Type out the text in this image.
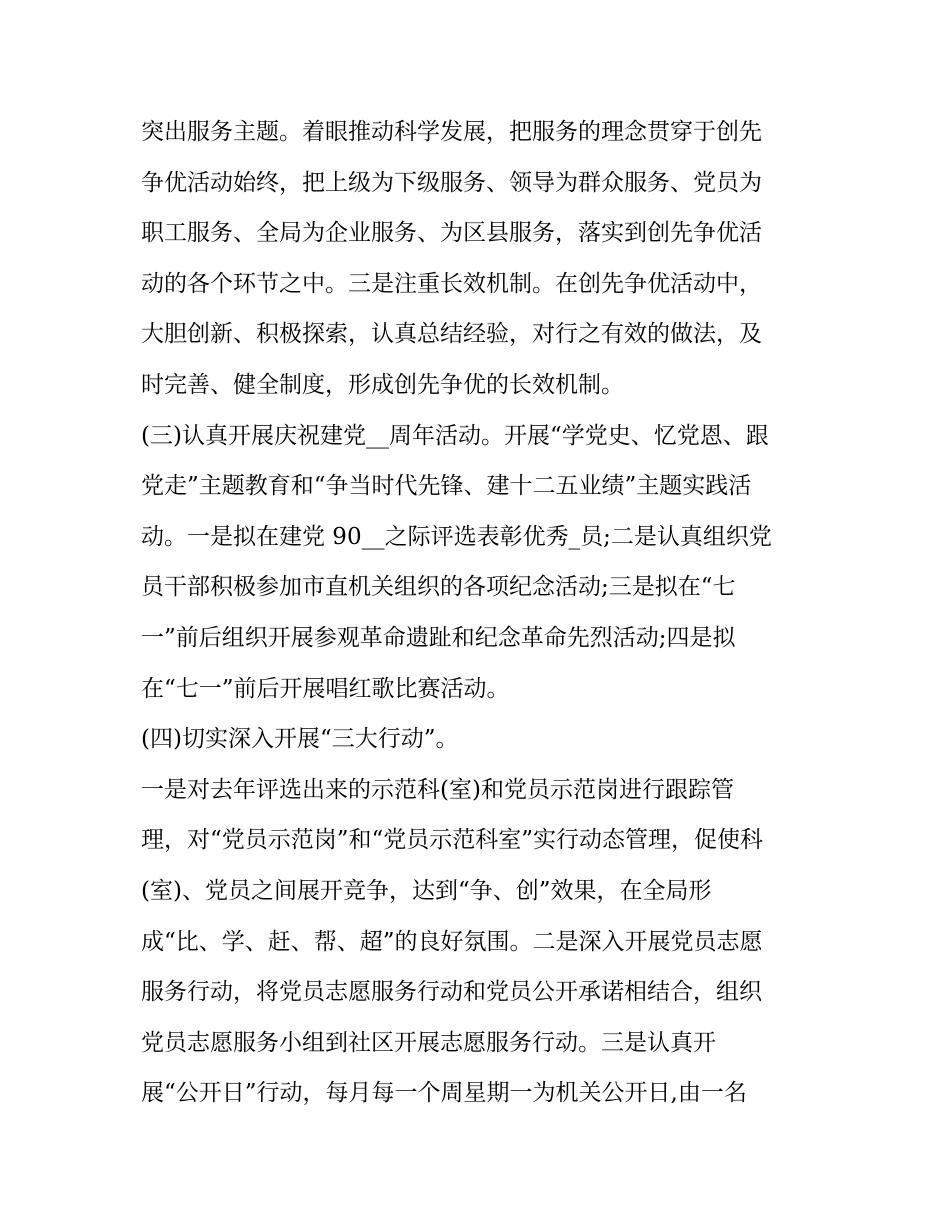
突出服务主题。着眼推动科学发展，把服务的理念贯穿于创先
争优活动始终，把上级为下级服务、领导为群众服务、党员为
职工服务、全局为企业服务、为区县服务，落实到创先争优活
动的各个环节之中。三是注重长效机制。在创先争优活动中，
大胆创新、积极探索，认真总结经验，对行之有效的做法，及
时完善、健全制度，形成创先争优的长效机制。
(三)认真开展庆祝建党__周年活动。开展“学党史、忆党恩、跟
党走”主题教育和“争当时代先锋、建十二五业绩”主题实践活
动。一是拟在建党 90__之际评选表彰优秀_员;二是认真组织党
员干部积极参加市直机关组织的各项纪念活动;三是拟在“七
一”前后组织开展参观革命遗趾和纪念革命先烈活动;四是拟
在“七一”前后开展唱红歌比赛活动。
(四)切实深入开展“三大行动”。
一是对去年评选出来的示范科(室)和党员示范岗进行跟踪管
理，对“党员示范岗”和“党员示范科室”实行动态管理，促使科
(室)、党员之间展开竞争，达到“争、创”效果，在全局形
成“比、学、赶、帮、超”的良好氛围。二是深入开展党员志愿
服务行动，将党员志愿服务行动和党员公开承诺相结合，组织
党员志愿服务小组到社区开展志愿服务行动。三是认真开
展“公开日”行动，每月每一个周星期一为机关公开日,由一名
